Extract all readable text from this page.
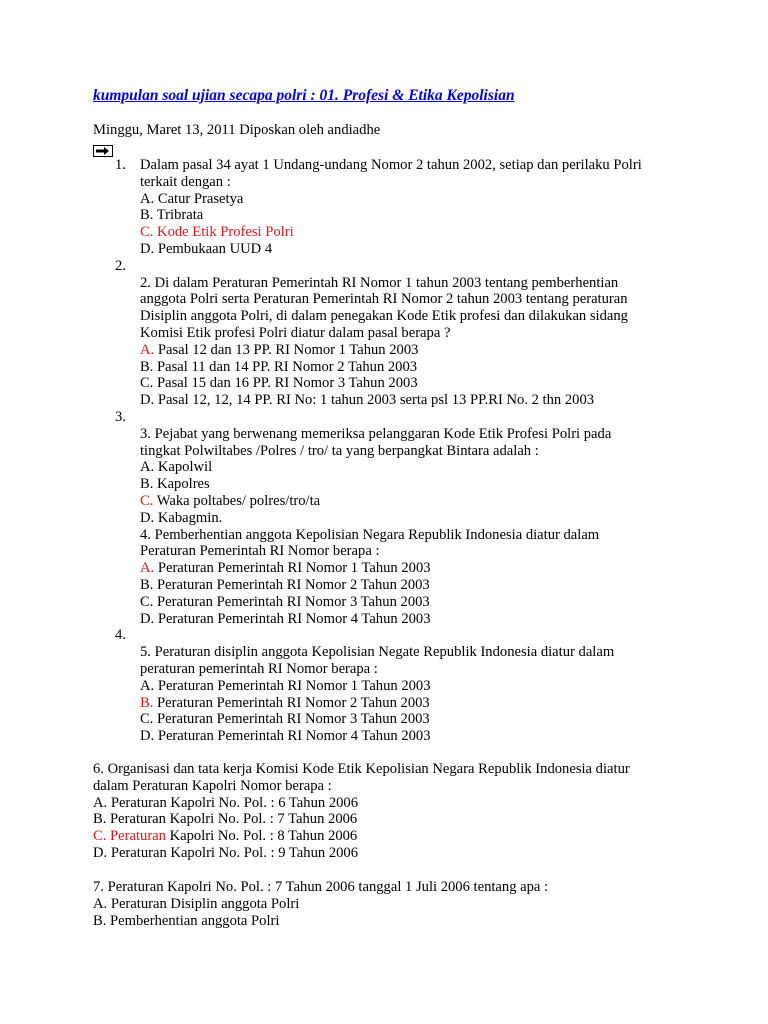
kumpulan soal ujian secapa polri : 01. Profesi & Etika Kepolisian
Minggu, Maret 13, 2011 Diposkan oleh andiadhe
1. Dalam pasal 34 ayat 1 Undang-undang Nomor 2 tahun 2002, setiap dan perilaku Polri
terkait dengan :
A. Catur Prasetya
B. Tribrata
C. Kode Etik Profesi Polri
D. Pembukaan UUD 4
2.
2. Di dalam Peraturan Pemerintah RI Nomor 1 tahun 2003 tentang pemberhentian
anggota Polri serta Peraturan Pemerintah RI Nomor 2 tahun 2003 tentang peraturan
Disiplin anggota Polri, di dalam penegakan Kode Etik profesi dan dilakukan sidang
Komisi Etik profesi Polri diatur dalam pasal berapa ?
A. Pasal 12 dan 13 PP. RI Nomor 1 Tahun 2003
B. Pasal 11 dan 14 PP. RI Nomor 2 Tahun 2003
C. Pasal 15 dan 16 PP. RI Nomor 3 Tahun 2003
D. Pasal 12, 12, 14 PP. RI No: 1 tahun 2003 serta psl 13 PP.RI No. 2 thn 2003
3.
3. Pejabat yang berwenang memeriksa pelanggaran Kode Etik Profesi Polri pada
tingkat Polwiltabes /Polres / tro/ ta yang berpangkat Bintara adalah :
A. Kapolwil
B. Kapolres
C. Waka poltabes/ polres/tro/ta
D. Kabagmin.
4. Pemberhentian anggota Kepolisian Negara Republik Indonesia diatur dalam
Peraturan Pemerintah RI Nomor berapa :
A. Peraturan Pemerintah RI Nomor 1 Tahun 2003
B. Peraturan Pemerintah RI Nomor 2 Tahun 2003
C. Peraturan Pemerintah RI Nomor 3 Tahun 2003
D. Peraturan Pemerintah RI Nomor 4 Tahun 2003
4.
5. Peraturan disiplin anggota Kepolisian Negate Republik Indonesia diatur dalam
peraturan pemerintah RI Nomor berapa :
A. Peraturan Pemerintah RI Nomor 1 Tahun 2003
B. Peraturan Pemerintah RI Nomor 2 Tahun 2003
C. Peraturan Pemerintah RI Nomor 3 Tahun 2003
D. Peraturan Pemerintah RI Nomor 4 Tahun 2003
6. Organisasi dan tata kerja Komisi Kode Etik Kepolisian Negara Republik Indonesia diatur
dalam Peraturan Kapolri Nomor berapa :
A. Peraturan Kapolri No. Pol. : 6 Tahun 2006
B. Peraturan Kapolri No. Pol. : 7 Tahun 2006
C. Peraturan Kapolri No. Pol. : 8 Tahun 2006
D. Peraturan Kapolri No. Pol. : 9 Tahun 2006
7. Peraturan Kapolri No. Pol. : 7 Tahun 2006 tanggal 1 Juli 2006 tentang apa :
A. Peraturan Disiplin anggota Polri
B. Pemberhentian anggota Polri
